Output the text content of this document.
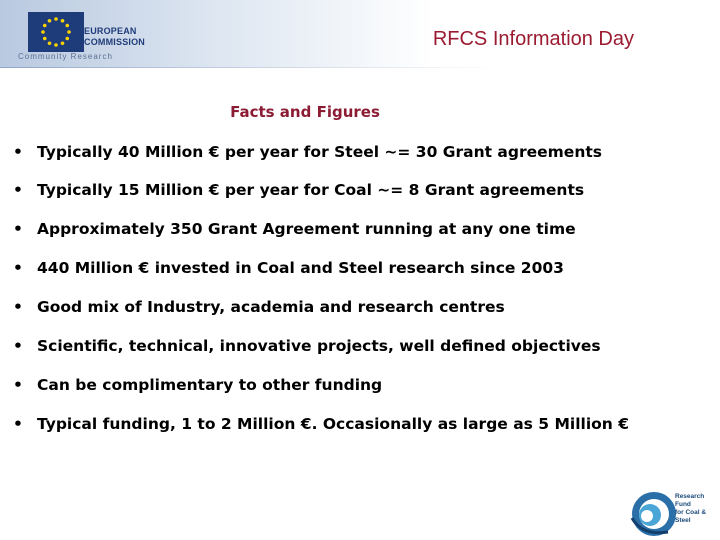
EUROPEAN
COMMISSION
Community Research
RFCS Information Day
Facts and Figures
• Typically 40 Million € per year for Steel ~= 30 Grant agreements
• Typically 15 Million € per year for Coal ~= 8 Grant agreements
• Approximately 350 Grant Agreement running at any one time
• 440 Million € invested in Coal and Steel research since 2003
• Good mix of Industry, academia and research centres
• Scientific, technical, innovative projects, well defined objectives
• Can be complimentary to other funding
• Typical funding, 1 to 2 Million €. Occasionally as large as 5 Million €
Research Fund
for Coal & Steel
